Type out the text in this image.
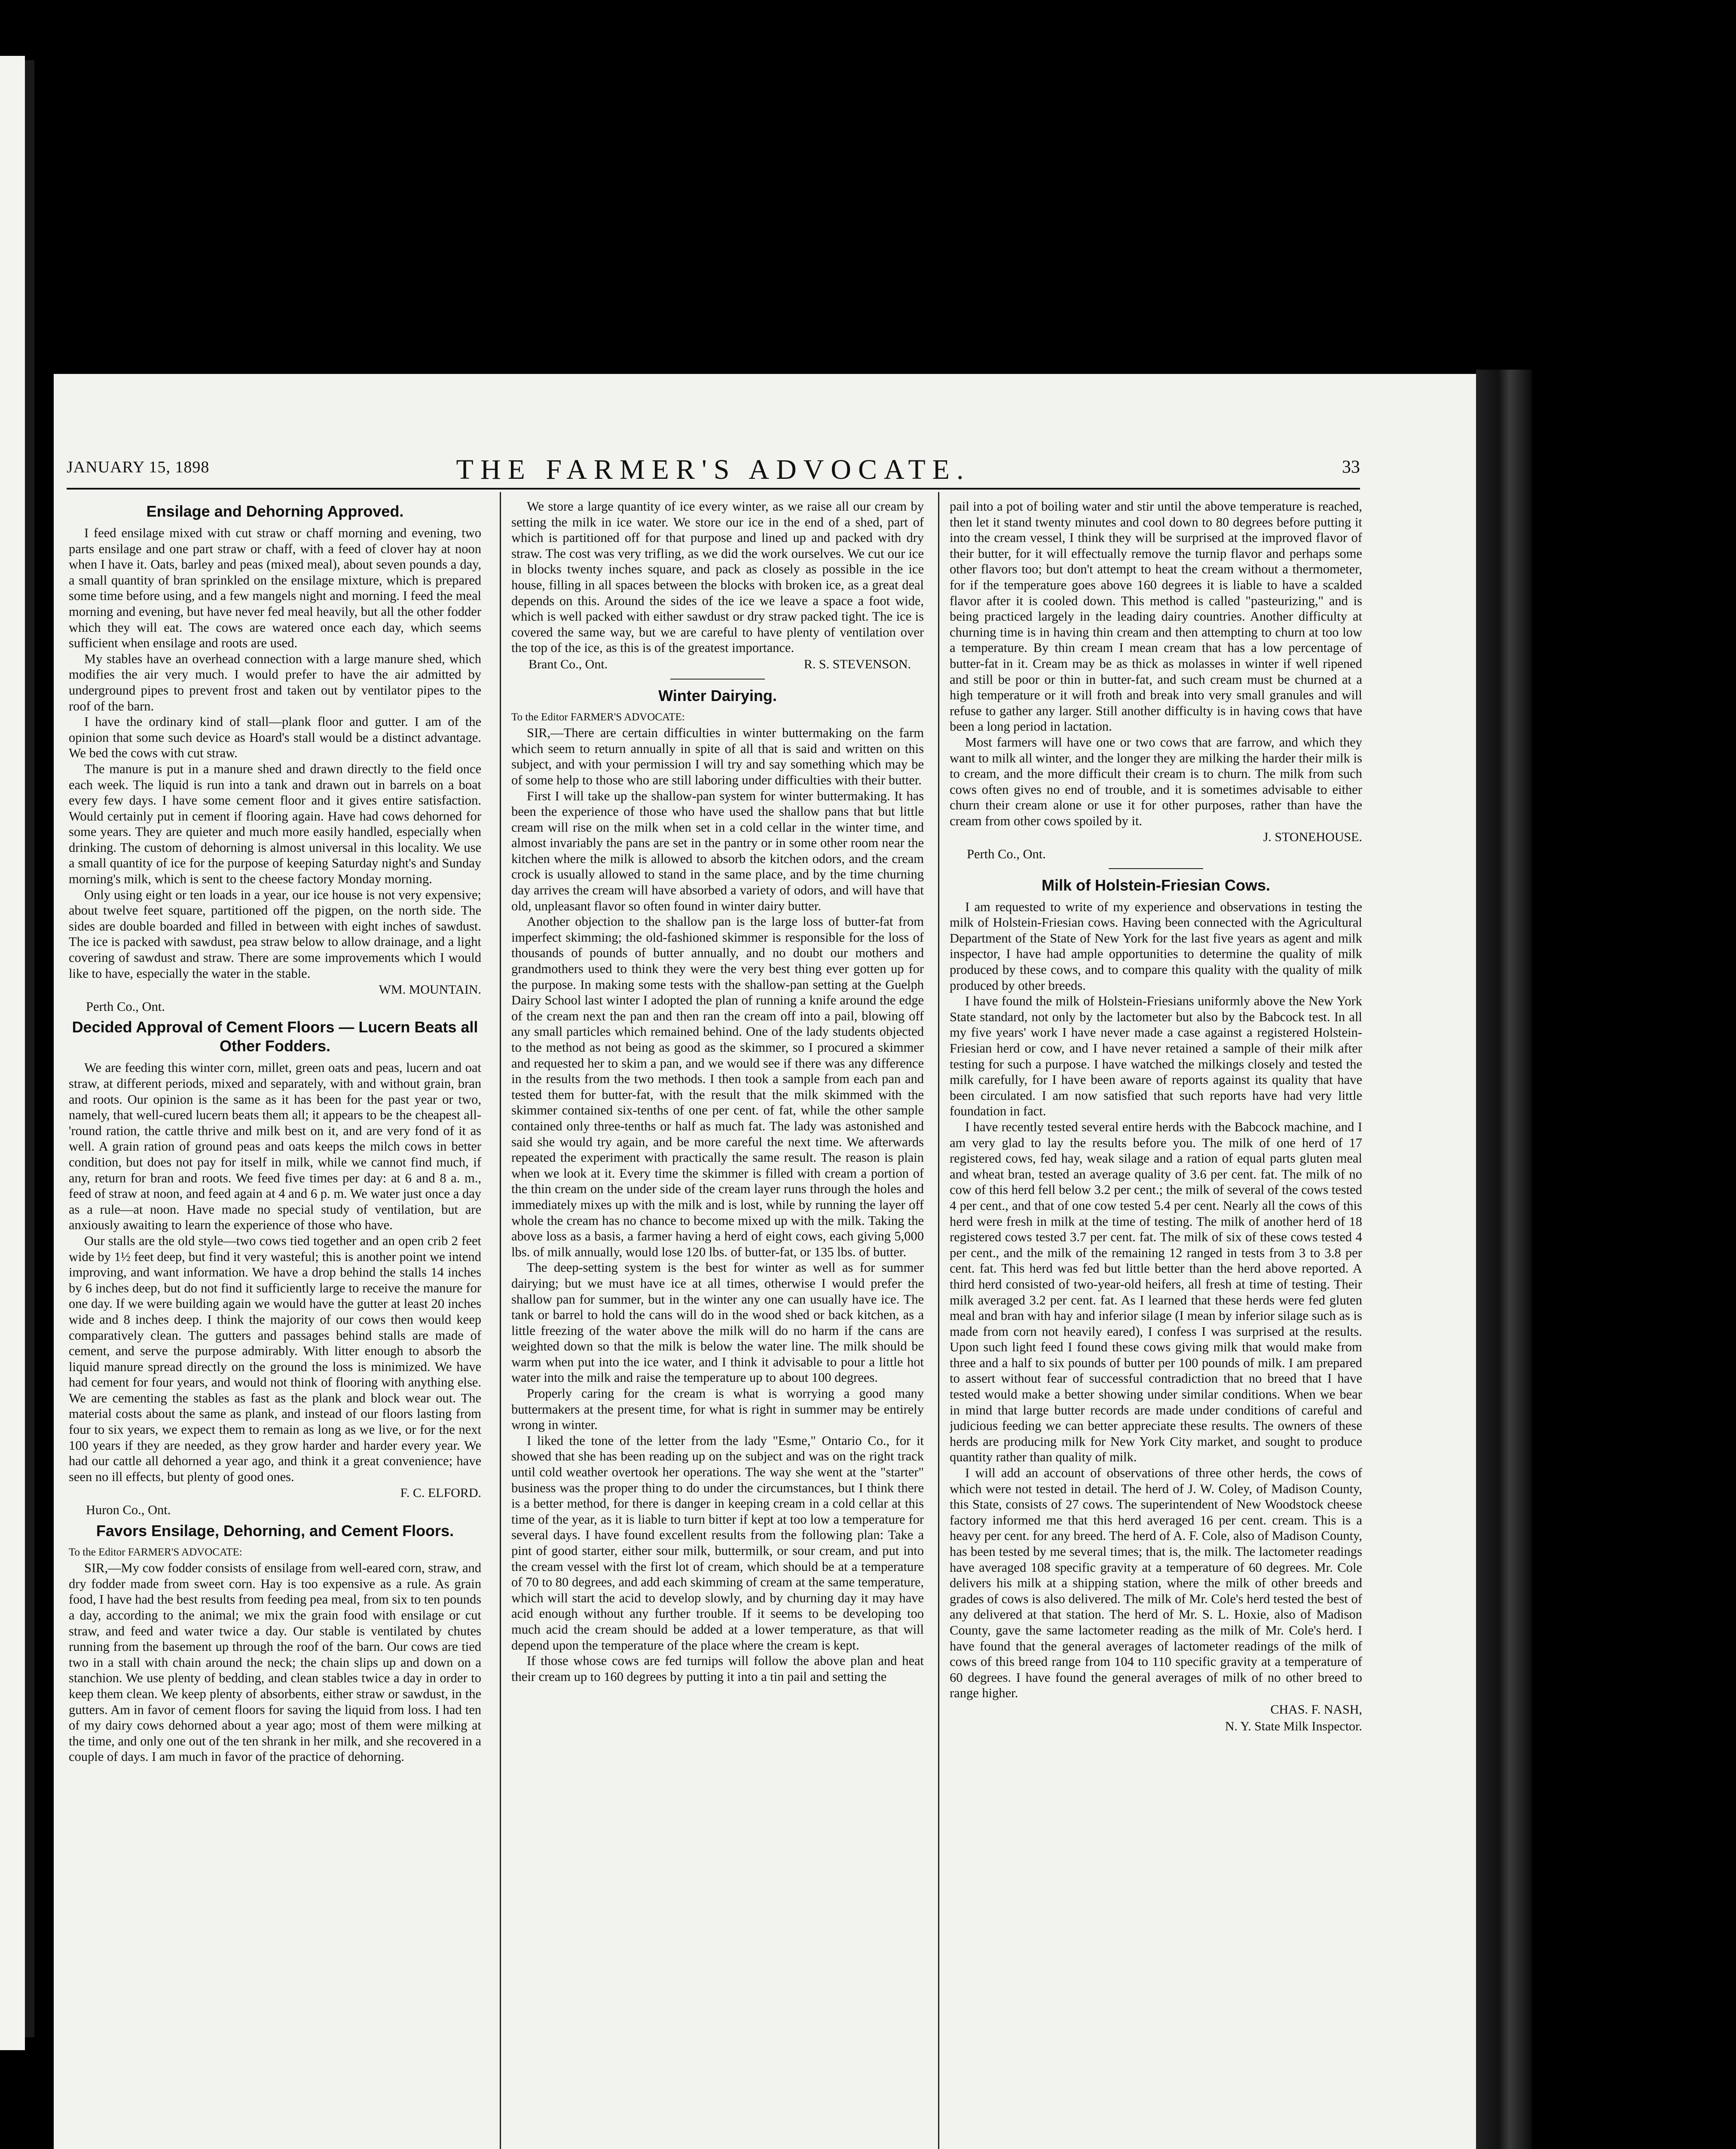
JANUARY 15, 1898	THE FARMER'S ADVOCATE.	33
Ensilage and Dehorning Approved.

I feed ensilage mixed with cut straw or chaff morning and evening, two parts ensilage and one part straw or chaff, with a feed of clover hay at noon when I have it. Oats, barley and peas (mixed meal), about seven pounds a day, a small quantity of bran sprinkled on the ensilage mixture, which is prepared some time before using, and a few mangels night and morning. I feed the meal morning and evening, but have never fed meal heavily, but all the other fodder which they will eat. The cows are watered once each day, which seems sufficient when ensilage and roots are used.

My stables have an overhead connection with a large manure shed, which modifies the air very much. I would prefer to have the air admitted by underground pipes to prevent frost and taken out by ventilator pipes to the roof of the barn.

I have the ordinary kind of stall—plank floor and gutter. I am of the opinion that some such device as Hoard's stall would be a distinct advantage. We bed the cows with cut straw.

The manure is put in a manure shed and drawn directly to the field once each week. The liquid is run into a tank and drawn out in barrels on a boat every few days. I have some cement floor and it gives entire satisfaction. Would certainly put in cement if flooring again. Have had cows dehorned for some years. They are quieter and much more easily handled, especially when drinking. The custom of dehorning is almost universal in this locality. We use a small quantity of ice for the purpose of keeping Saturday night's and Sunday morning's milk, which is sent to the cheese factory Monday morning.

Only using eight or ten loads in a year, our ice house is not very expensive; about twelve feet square, partitioned off the pigpen, on the north side. The sides are double boarded and filled in between with eight inches of sawdust. The ice is packed with sawdust, pea straw below to allow drainage, and a light covering of sawdust and straw. There are some improvements which I would like to have, especially the water in the stable.

WM. MOUNTAIN.
Perth Co., Ont.
Decided Approval of Cement Floors — Lucern Beats all Other Fodders.

We are feeding this winter corn, millet, green oats and peas, lucern and oat straw, at different periods, mixed and separately, with and without grain, bran and roots. Our opinion is the same as it has been for the past year or two, namely, that well-cured lucern beats them all; it appears to be the cheapest all-'round ration, the cattle thrive and milk best on it, and are very fond of it as well. A grain ration of ground peas and oats keeps the milch cows in better condition, but does not pay for itself in milk, while we cannot find much, if any, return for bran and roots. We feed five times per day: at 6 and 8 a. m., feed of straw at noon, and feed again at 4 and 6 p. m. We water just once a day as a rule—at noon. Have made no special study of ventilation, but are anxiously awaiting to learn the experience of those who have.

Our stalls are the old style—two cows tied together and an open crib 2 feet wide by 1½ feet deep, but find it very wasteful; this is another point we intend improving, and want information. We have a drop behind the stalls 14 inches by 6 inches deep, but do not find it sufficiently large to receive the manure for one day. If we were building again we would have the gutter at least 20 inches wide and 8 inches deep. I think the majority of our cows then would keep comparatively clean. The gutters and passages behind stalls are made of cement, and serve the purpose admirably. With litter enough to absorb the liquid manure spread directly on the ground the loss is minimized. We have had cement for four years, and would not think of flooring with anything else. We are cementing the stables as fast as the plank and block wear out. The material costs about the same as plank, and instead of our floors lasting from four to six years, we expect them to remain as long as we live, or for the next 100 years if they are needed, as they grow harder and harder every year. We had our cattle all dehorned a year ago, and think it a great convenience; have seen no ill effects, but plenty of good ones.

F. C. ELFORD.
Huron Co., Ont.
Favors Ensilage, Dehorning, and Cement Floors.

To the Editor FARMER'S ADVOCATE:

SIR,—My cow fodder consists of ensilage from well-eared corn, straw, and dry fodder made from sweet corn. Hay is too expensive as a rule. As grain food, I have had the best results from feeding pea meal, from six to ten pounds a day, according to the animal; we mix the grain food with ensilage or cut straw, and feed and water twice a day. Our stable is ventilated by chutes running from the basement up through the roof of the barn. Our cows are tied two in a stall with chain around the neck; the chain slips up and down on a stanchion. We use plenty of bedding, and clean stables twice a day in order to keep them clean. We keep plenty of absorbents, either straw or sawdust, in the gutters. Am in favor of cement floors for saving the liquid from loss. I had ten of my dairy cows dehorned about a year ago; most of them were milking at the time, and only one out of the ten shrank in her milk, and she recovered in a couple of days. I am much in favor of the practice of dehorning.

We store a large quantity of ice every winter, as we raise all our cream by setting the milk in ice water. We store our ice in the end of a shed, part of which is partitioned off for that purpose and lined up and packed with dry straw. The cost was very trifling, as we did the work ourselves. We cut our ice in blocks twenty inches square, and pack as closely as possible in the ice house, filling in all spaces between the blocks with broken ice, as a great deal depends on this. Around the sides of the ice we leave a space a foot wide, which is well packed with either sawdust or dry straw packed tight. The ice is covered the same way, but we are careful to have plenty of ventilation over the top of the ice, as this is of the greatest importance.

Brant Co., Ont.	R. S. STEVENSON.
Winter Dairying.

To the Editor FARMER'S ADVOCATE:

SIR,—There are certain difficulties in winter buttermaking on the farm which seem to return annually in spite of all that is said and written on this subject, and with your permission I will try and say something which may be of some help to those who are still laboring under difficulties with their butter.

First I will take up the shallow-pan system for winter buttermaking. It has been the experience of those who have used the shallow pans that but little cream will rise on the milk when set in a cold cellar in the winter time, and almost invariably the pans are set in the pantry or in some other room near the kitchen where the milk is allowed to absorb the kitchen odors, and the cream crock is usually allowed to stand in the same place, and by the time churning day arrives the cream will have absorbed a variety of odors, and will have that old, unpleasant flavor so often found in winter dairy butter.

Another objection to the shallow pan is the large loss of butter-fat from imperfect skimming; the old-fashioned skimmer is responsible for the loss of thousands of pounds of butter annually, and no doubt our mothers and grandmothers used to think they were the very best thing ever gotten up for the purpose. In making some tests with the shallow-pan setting at the Guelph Dairy School last winter I adopted the plan of running a knife around the edge of the cream next the pan and then ran the cream off into a pail, blowing off any small particles which remained behind. One of the lady students objected to the method as not being as good as the skimmer, so I procured a skimmer and requested her to skim a pan, and we would see if there was any difference in the results from the two methods. I then took a sample from each pan and tested them for butter-fat, with the result that the milk skimmed with the skimmer contained six-tenths of one per cent. of fat, while the other sample contained only three-tenths or half as much fat. The lady was astonished and said she would try again, and be more careful the next time. We afterwards repeated the experiment with practically the same result. The reason is plain when we look at it. Every time the skimmer is filled with cream a portion of the thin cream on the under side of the cream layer runs through the holes and immediately mixes up with the milk and is lost, while by running the layer off whole the cream has no chance to become mixed up with the milk. Taking the above loss as a basis, a farmer having a herd of eight cows, each giving 5,000 lbs. of milk annually, would lose 120 lbs. of butter-fat, or 135 lbs. of butter.

The deep-setting system is the best for winter as well as for summer dairying; but we must have ice at all times, otherwise I would prefer the shallow pan for summer, but in the winter any one can usually have ice. The tank or barrel to hold the cans will do in the wood shed or back kitchen, as a little freezing of the water above the milk will do no harm if the cans are weighted down so that the milk is below the water line. The milk should be warm when put into the ice water, and I think it advisable to pour a little hot water into the milk and raise the temperature up to about 100 degrees.

Properly caring for the cream is what is worrying a good many buttermakers at the present time, for what is right in summer may be entirely wrong in winter.

I liked the tone of the letter from the lady "Esme," Ontario Co., for it showed that she has been reading up on the subject and was on the right track until cold weather overtook her operations. The way she went at the "starter" business was the proper thing to do under the circumstances, but I think there is a better method, for there is danger in keeping cream in a cold cellar at this time of the year, as it is liable to turn bitter if kept at too low a temperature for several days. I have found excellent results from the following plan: Take a pint of good starter, either sour milk, buttermilk, or sour cream, and put into the cream vessel with the first lot of cream, which should be at a temperature of 70 to 80 degrees, and add each skimming of cream at the same temperature, which will start the acid to develop slowly, and by churning day it may have acid enough without any further trouble. If it seems to be developing too much acid the cream should be added at a lower temperature, as that will depend upon the temperature of the place where the cream is kept.

If those whose cows are fed turnips will follow the above plan and heat their cream up to 160 degrees by putting it into a tin pail and setting the

pail into a pot of boiling water and stir until the above temperature is reached, then let it stand twenty minutes and cool down to 80 degrees before putting it into the cream vessel, I think they will be surprised at the improved flavor of their butter, for it will effectually remove the turnip flavor and perhaps some other flavors too; but don't attempt to heat the cream without a thermometer, for if the temperature goes above 160 degrees it is liable to have a scalded flavor after it is cooled down. This method is called "pasteurizing," and is being practiced largely in the leading dairy countries. Another difficulty at churning time is in having thin cream and then attempting to churn at too low a temperature. By thin cream I mean cream that has a low percentage of butter-fat in it. Cream may be as thick as molasses in winter if well ripened and still be poor or thin in butter-fat, and such cream must be churned at a high temperature or it will froth and break into very small granules and will refuse to gather any larger. Still another difficulty is in having cows that have been a long period in lactation.

Most farmers will have one or two cows that are farrow, and which they want to milk all winter, and the longer they are milking the harder their milk is to cream, and the more difficult their cream is to churn. The milk from such cows often gives no end of trouble, and it is sometimes advisable to either churn their cream alone or use it for other purposes, rather than have the cream from other cows spoiled by it.

J. STONEHOUSE.
Perth Co., Ont.
Milk of Holstein-Friesian Cows.

I am requested to write of my experience and observations in testing the milk of Holstein-Friesian cows. Having been connected with the Agricultural Department of the State of New York for the last five years as agent and milk inspector, I have had ample opportunities to determine the quality of milk produced by these cows, and to compare this quality with the quality of milk produced by other breeds.

I have found the milk of Holstein-Friesians uniformly above the New York State standard, not only by the lactometer but also by the Babcock test. In all my five years' work I have never made a case against a registered Holstein-Friesian herd or cow, and I have never retained a sample of their milk after testing for such a purpose. I have watched the milkings closely and tested the milk carefully, for I have been aware of reports against its quality that have been circulated. I am now satisfied that such reports have had very little foundation in fact.

I have recently tested several entire herds with the Babcock machine, and I am very glad to lay the results before you. The milk of one herd of 17 registered cows, fed hay, weak silage and a ration of equal parts gluten meal and wheat bran, tested an average quality of 3.6 per cent. fat. The milk of no cow of this herd fell below 3.2 per cent.; the milk of several of the cows tested 4 per cent., and that of one cow tested 5.4 per cent. Nearly all the cows of this herd were fresh in milk at the time of testing. The milk of another herd of 18 registered cows tested 3.7 per cent. fat. The milk of six of these cows tested 4 per cent., and the milk of the remaining 12 ranged in tests from 3 to 3.8 per cent. fat. This herd was fed but little better than the herd above reported. A third herd consisted of two-year-old heifers, all fresh at time of testing. Their milk averaged 3.2 per cent. fat. As I learned that these herds were fed gluten meal and bran with hay and inferior silage (I mean by inferior silage such as is made from corn not heavily eared), I confess I was surprised at the results. Upon such light feed I found these cows giving milk that would make from three and a half to six pounds of butter per 100 pounds of milk. I am prepared to assert without fear of successful contradiction that no breed that I have tested would make a better showing under similar conditions. When we bear in mind that large butter records are made under conditions of careful and judicious feeding we can better appreciate these results. The owners of these herds are producing milk for New York City market, and sought to produce quantity rather than quality of milk.

I will add an account of observations of three other herds, the cows of which were not tested in detail. The herd of J. W. Coley, of Madison County, this State, consists of 27 cows. The superintendent of New Woodstock cheese factory informed me that this herd averaged 16 per cent. cream. This is a heavy per cent. for any breed. The herd of A. F. Cole, also of Madison County, has been tested by me several times; that is, the milk. The lactometer readings have averaged 108 specific gravity at a temperature of 60 degrees. Mr. Cole delivers his milk at a shipping station, where the milk of other breeds and grades of cows is also delivered. The milk of Mr. Cole's herd tested the best of any delivered at that station. The herd of Mr. S. L. Hoxie, also of Madison County, gave the same lactometer reading as the milk of Mr. Cole's herd. I have found that the general averages of lactometer readings of the milk of cows of this breed range from 104 to 110 specific gravity at a temperature of 60 degrees. I have found the general averages of milk of no other breed to range higher.

CHAS. F. NASH,
N. Y. State Milk Inspector.
